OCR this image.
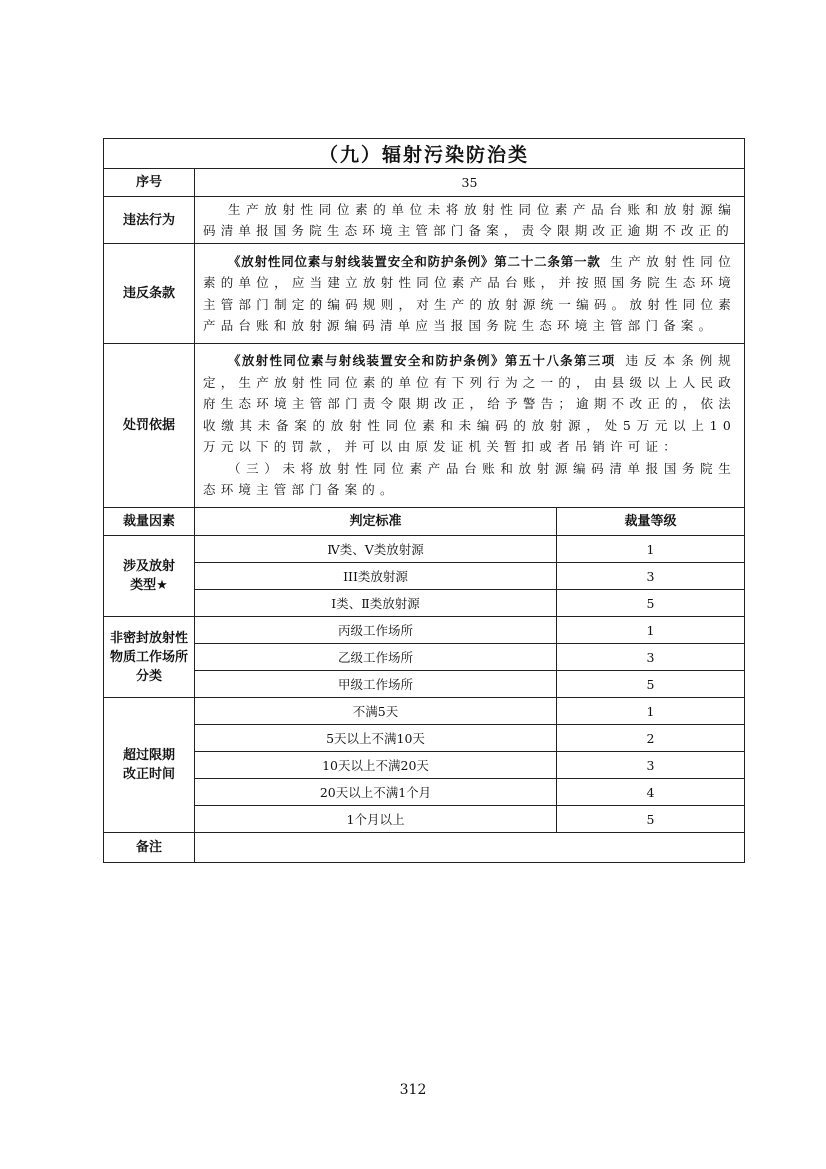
（九）辐射污染防治类		
序号	35	
违法行为	生产放射性同位素的单位未将放射性同位素产品台账和放射源编码清单报国务院生态环境主管部门备案，责令限期改正逾期不改正的	

违反条款	《放射性同位素与射线装置安全和防护条例》第二十二条第一款 生产放射性同位素的单位，应当建立放射性同位素产品台账，并按照国务院生态环境主管部门制定的编码规则，对生产的放射源统一编码。放射性同位素产品台账和放射源编码清单应当报国务院生态环境主管部门备案。	

处罚依据	《放射性同位素与射线装置安全和防护条例》第五十八条第三项 违反本条例规定，生产放射性同位素的单位有下列行为之一的，由县级以上人民政府生态环境主管部门责令限期改正，给予警告；逾期不改正的，依法收缴其未备案的放射性同位素和未编码的放射源，处5万元以上10万元以下的罚款，并可以由原发证机关暂扣或者吊销许可证：

（三）未将放射性同位素产品台账和放射源编码清单报国务院生态环境主管部门备案的。	

裁量因素	判定标准	裁量等级
涉及放射类型★	Ⅳ类、Ⅴ类放射源	1
	III类放射源	3
	Ⅰ类、Ⅱ类放射源	5
非密封放射性物质工作场所分类	丙级工作场所	1
	乙级工作场所	3
	甲级工作场所	5
超过限期改正时间	不满5天	1
	5天以上不满10天	2
	10天以上不满20天	3
	20天以上不满1个月	4
	1个月以上	5
备注		
312
